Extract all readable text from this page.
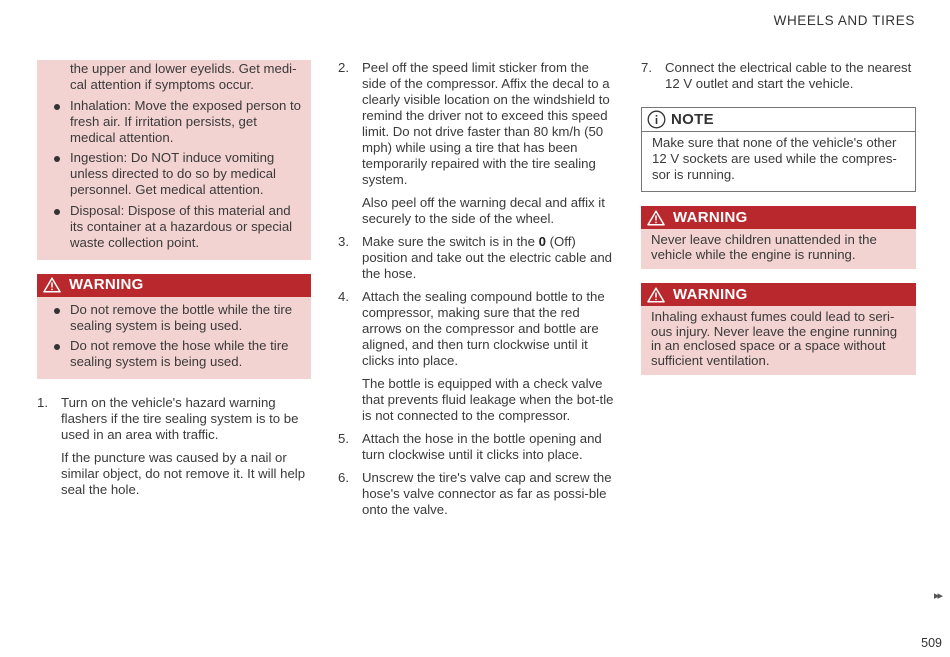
WHEELS AND TIRES
the upper and lower eyelids. Get medi-cal attention if symptoms occur.
Inhalation: Move the exposed person to fresh air. If irritation persists, get medical attention.
Ingestion: Do NOT induce vomiting unless directed to do so by medical personnel. Get medical attention.
Disposal: Dispose of this material and its container at a hazardous or special waste collection point.
WARNING
Do not remove the bottle while the tire sealing system is being used.
Do not remove the hose while the tire sealing system is being used.
1. Turn on the vehicle's hazard warning flashers if the tire sealing system is to be used in an area with traffic.

If the puncture was caused by a nail or similar object, do not remove it. It will help seal the hole.

2. Peel off the speed limit sticker from the side of the compressor. Affix the decal to a clearly visible location on the windshield to remind the driver not to exceed this speed limit. Do not drive faster than 80 km/h (50 mph) while using a tire that has been temporarily repaired with the tire sealing system.

Also peel off the warning decal and affix it securely to the side of the wheel.

3. Make sure the switch is in the 0 (Off) position and take out the electric cable and the hose.

4. Attach the sealing compound bottle to the compressor, making sure that the red arrows on the compressor and bottle are aligned, and then turn clockwise until it clicks into place.

The bottle is equipped with a check valve that prevents fluid leakage when the bot-tle is not connected to the compressor.

5. Attach the hose in the bottle opening and turn clockwise until it clicks into place.

6. Unscrew the tire's valve cap and screw the hose's valve connector as far as possi-ble onto the valve.

7. Connect the electrical cable to the nearest 12 V outlet and start the vehicle.

NOTE
Make sure that none of the vehicle's other 12 V sockets are used while the compres-sor is running.
WARNING
Never leave children unattended in the vehicle while the engine is running.
WARNING
Inhaling exhaust fumes could lead to seri-ous injury. Never leave the engine running in an enclosed space or a space without sufficient ventilation.
▸▸
509
